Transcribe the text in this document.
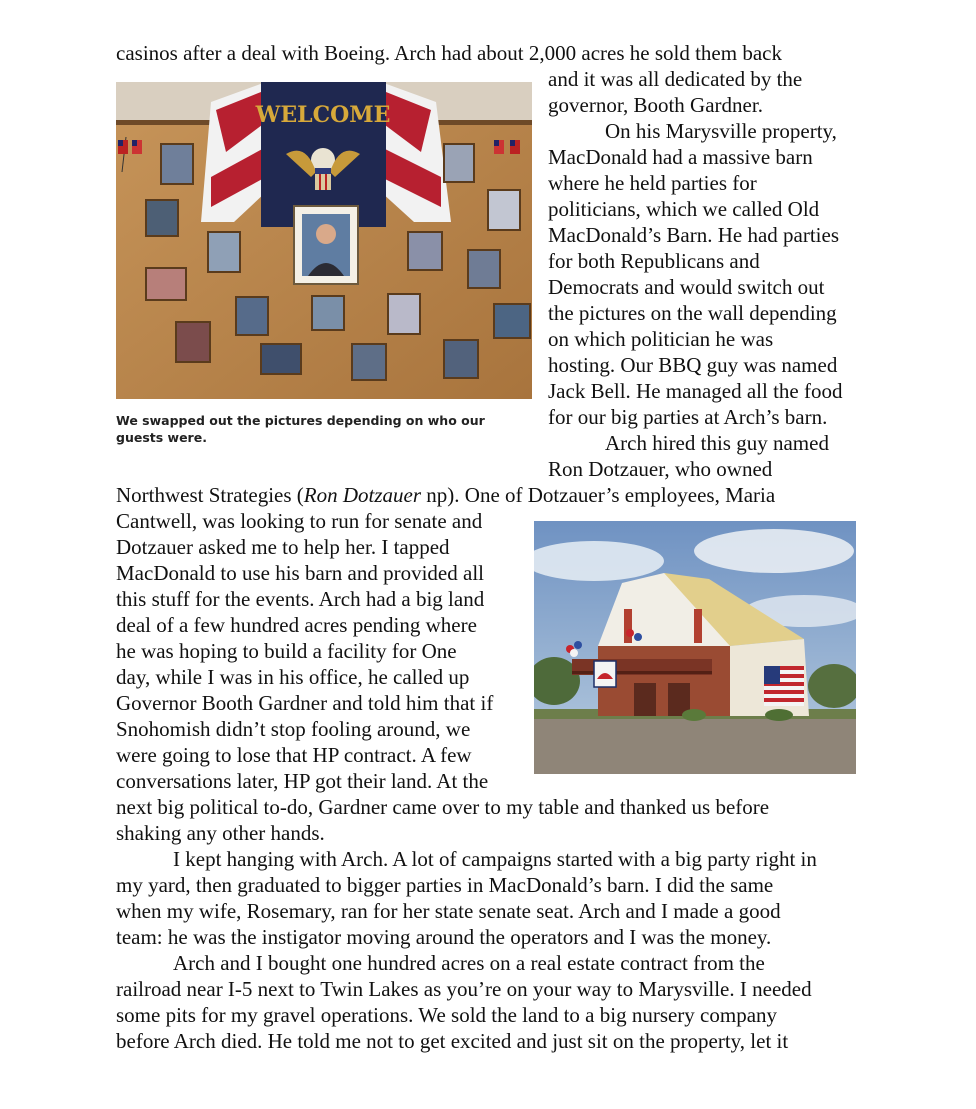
casinos after a deal with Boeing. Arch had about 2,000 acres he sold them back
WELCOME
We swapped out the pictures depending on who our guests were.
and it was all dedicated by the
governor, Booth Gardner.
On his Marysville property,
MacDonald had a massive barn
where he held parties for
politicians, which we called Old
MacDonald’s Barn. He had parties
for both Republicans and
Democrats and would switch out
the pictures on the wall depending
on which politician he was
hosting. Our BBQ guy was named
Jack Bell. He managed all the food
for our big parties at Arch’s barn.
Arch hired this guy named
Ron Dotzauer, who owned
Northwest Strategies (Ron Dotzauer np). One of Dotzauer’s employees, Maria
Cantwell, was looking to run for senate and
Dotzauer asked me to help her. I tapped
MacDonald to use his barn and provided all
this stuff for the events. Arch had a big land
deal of a few hundred acres pending where
he was hoping to build a facility for One
day, while I was in his office, he called up
Governor Booth Gardner and told him that if
Snohomish didn’t stop fooling around, we
were going to lose that HP contract. A few
conversations later, HP got their land. At the
next big political to-do, Gardner came over to my table and thanked us before
shaking any other hands.
I kept hanging with Arch. A lot of campaigns started with a big party right in
my yard, then graduated to bigger parties in MacDonald’s barn. I did the same
when my wife, Rosemary, ran for her state senate seat. Arch and I made a good
team: he was the instigator moving around the operators and I was the money.
Arch and I bought one hundred acres on a real estate contract from the
railroad near I-5 next to Twin Lakes as you’re on your way to Marysville. I needed
some pits for my gravel operations. We sold the land to a big nursery company
before Arch died. He told me not to get excited and just sit on the property, let it
